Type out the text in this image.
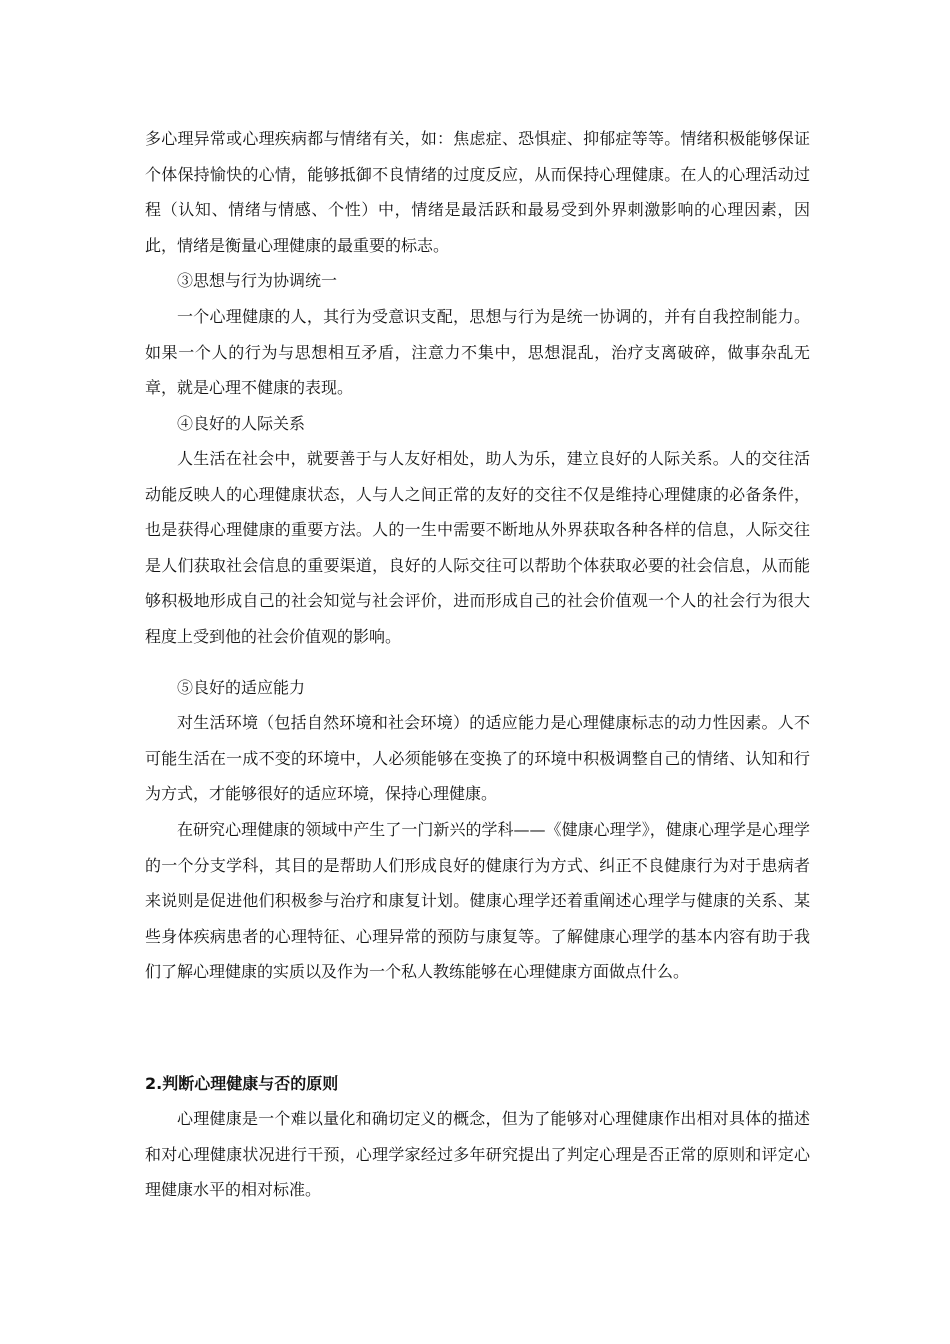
多心理异常或心理疾病都与情绪有关，如：焦虑症、恐惧症、抑郁症等等。情绪积极能够保证个体保持愉快的心情，能够抵御不良情绪的过度反应，从而保持心理健康。在人的心理活动过程（认知、情绪与情感、个性）中，情绪是最活跃和最易受到外界刺激影响的心理因素，因此，情绪是衡量心理健康的最重要的标志。

③思想与行为协调统一

一个心理健康的人，其行为受意识支配，思想与行为是统一协调的，并有自我控制能力。如果一个人的行为与思想相互矛盾，注意力不集中，思想混乱，治疗支离破碎，做事杂乱无章，就是心理不健康的表现。

④良好的人际关系

人生活在社会中，就要善于与人友好相处，助人为乐，建立良好的人际关系。人的交往活动能反映人的心理健康状态，人与人之间正常的友好的交往不仅是维持心理健康的必备条件，也是获得心理健康的重要方法。人的一生中需要不断地从外界获取各种各样的信息，人际交往是人们获取社会信息的重要渠道，良好的人际交往可以帮助个体获取必要的社会信息，从而能够积极地形成自己的社会知觉与社会评价，进而形成自己的社会价值观一个人的社会行为很大程度上受到他的社会价值观的影响。

⑤良好的适应能力

对生活环境（包括自然环境和社会环境）的适应能力是心理健康标志的动力性因素。人不可能生活在一成不变的环境中，人必须能够在变换了的环境中积极调整自己的情绪、认知和行为方式，才能够很好的适应环境，保持心理健康。

在研究心理健康的领域中产生了一门新兴的学科——《健康心理学》，健康心理学是心理学的一个分支学科，其目的是帮助人们形成良好的健康行为方式、纠正不良健康行为对于患病者来说则是促进他们积极参与治疗和康复计划。健康心理学还着重阐述心理学与健康的关系、某些身体疾病患者的心理特征、心理异常的预防与康复等。了解健康心理学的基本内容有助于我们了解心理健康的实质以及作为一个私人教练能够在心理健康方面做点什么。

2.判断心理健康与否的原则

心理健康是一个难以量化和确切定义的概念，但为了能够对心理健康作出相对具体的描述和对心理健康状况进行干预，心理学家经过多年研究提出了判定心理是否正常的原则和评定心理健康水平的相对标准。
